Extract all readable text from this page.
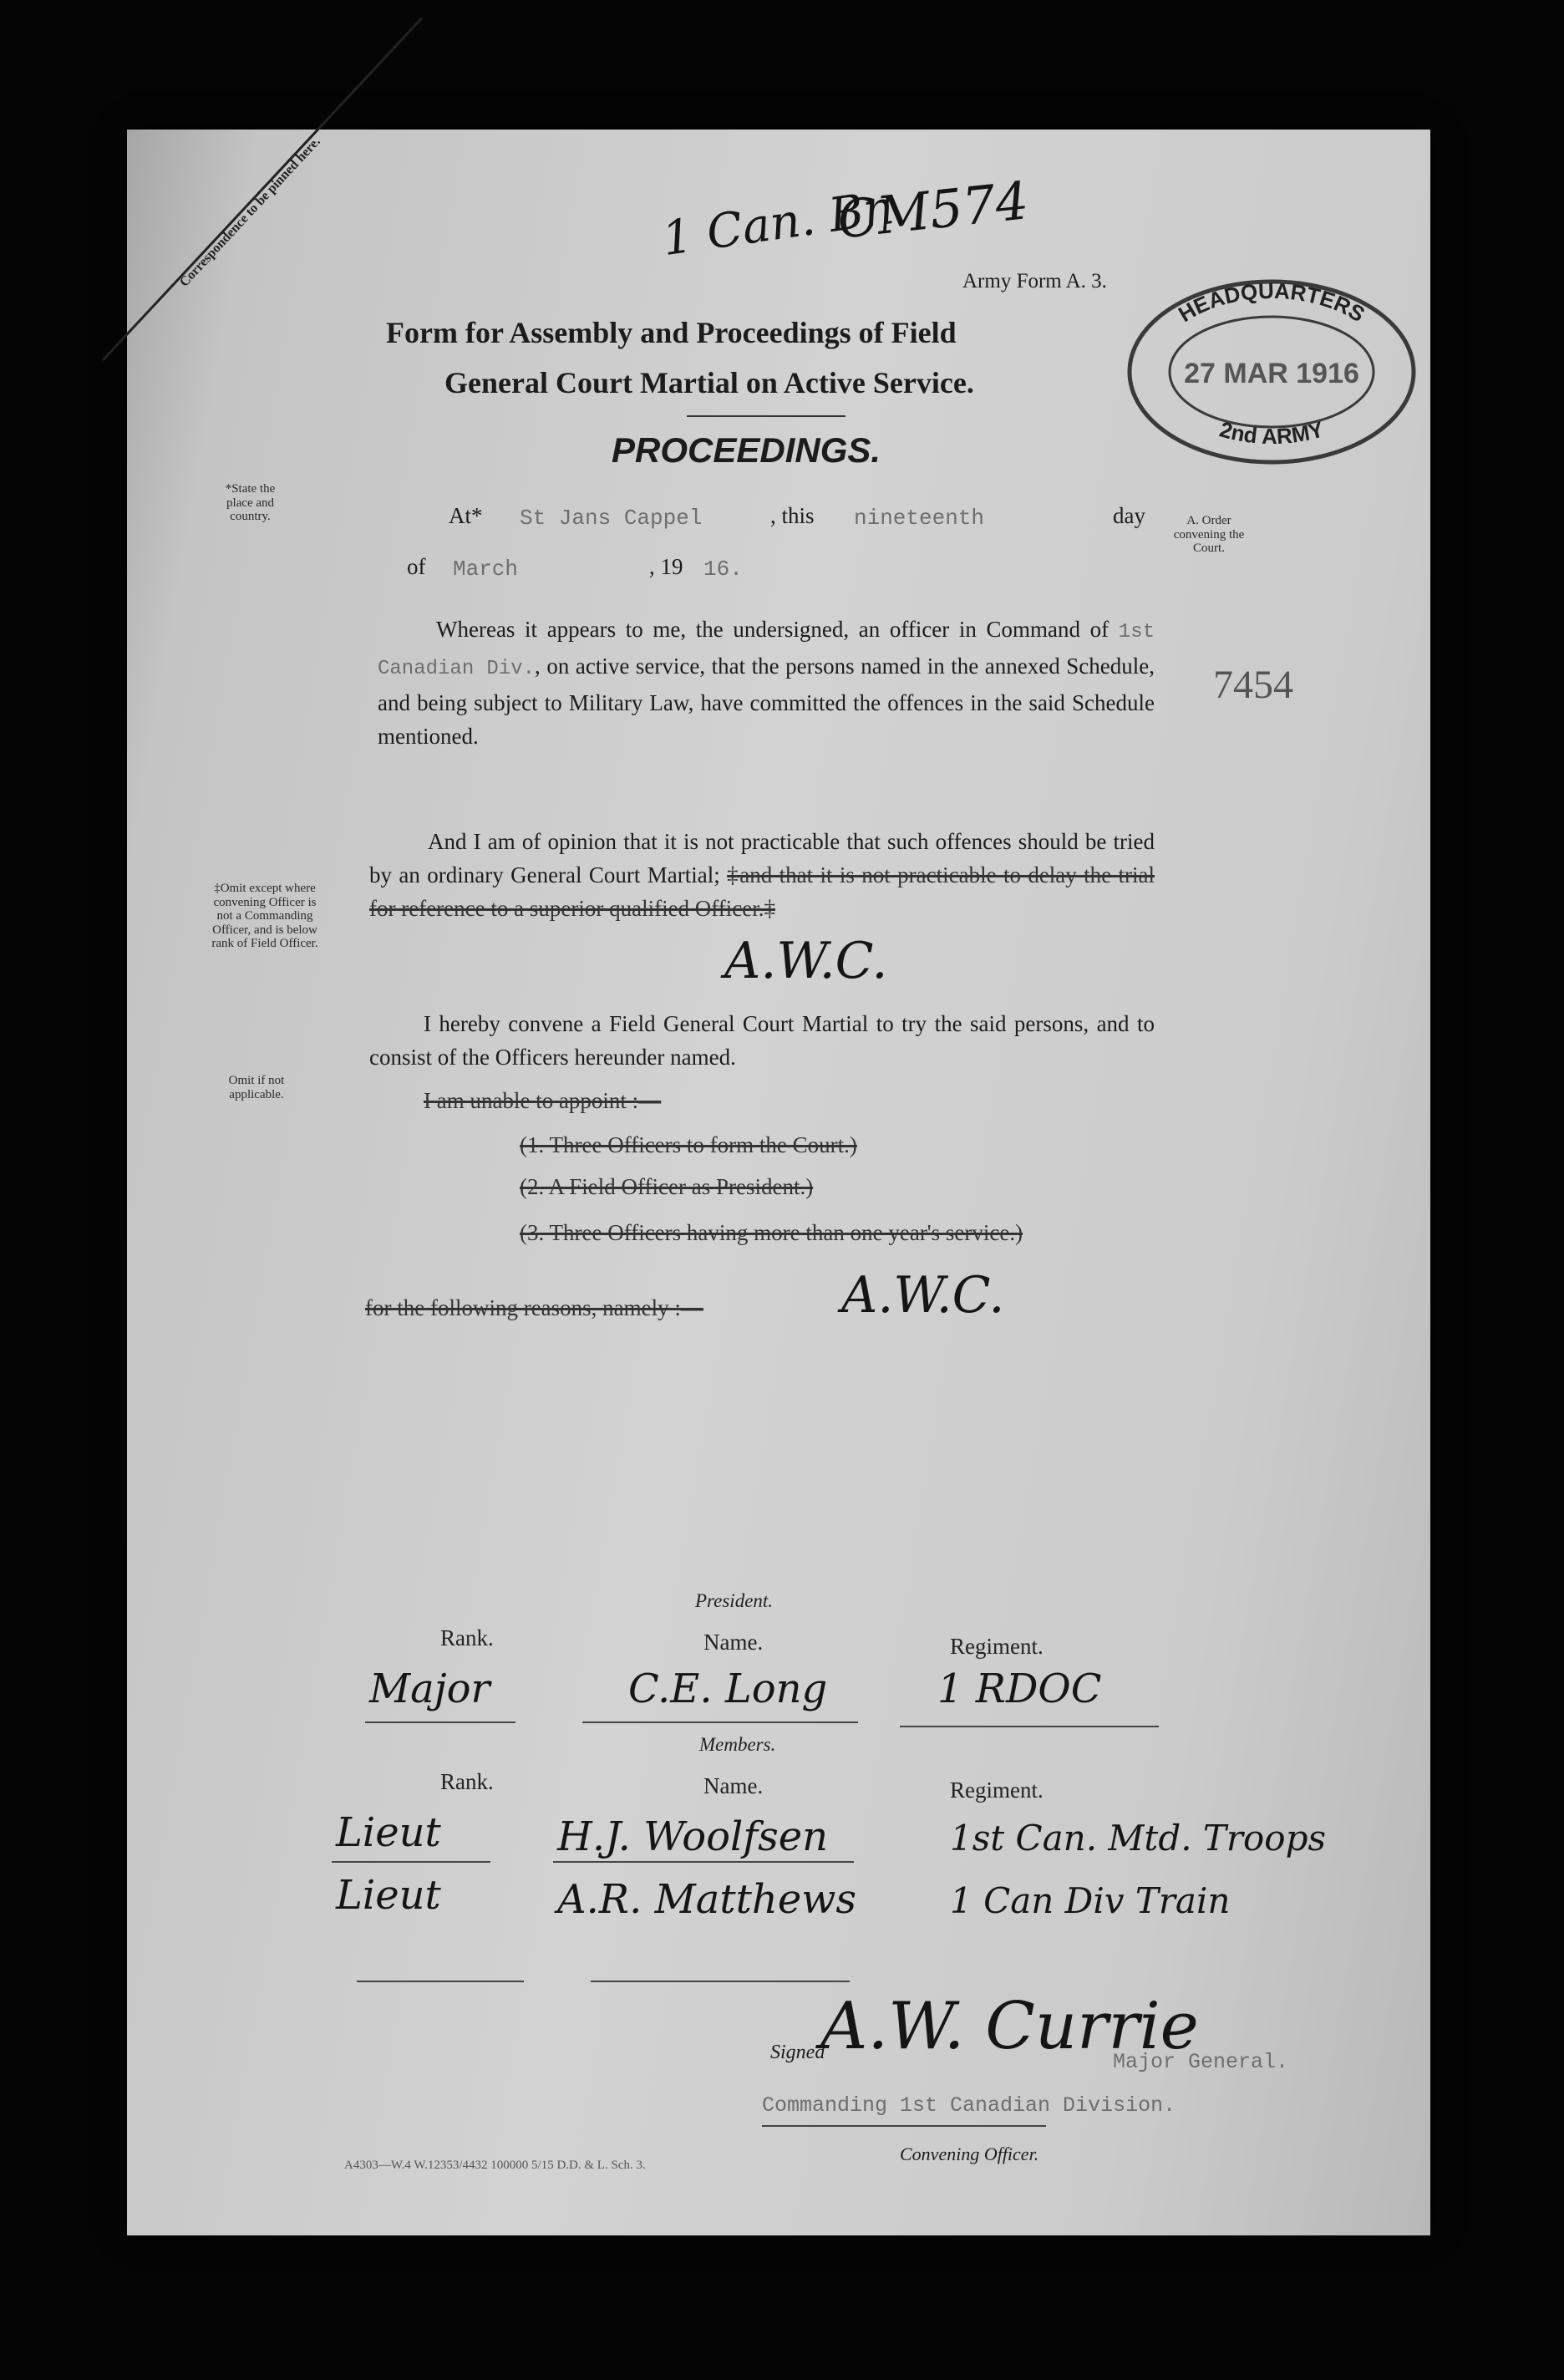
Correspondence to be pinned here.	1 Can. Bn
CM574
Army Form A. 3.
Form for Assembly and Proceedings of Field
General Court Martial on Active Service.
PROCEEDINGS.
HEADQUARTERS
2nd ARMY
27 MAR 1916
*State the place and country.	A. Order convening the Court.
‡Omit except where convening Officer is not a Commanding Officer, and is below rank of Field Officer.
Omit if not applicable.
7454
At* St Jans Cappel	, this nineteenth	day
of March	, 19 16.

Whereas it appears to me, the undersigned, an officer in Command of 1st Canadian Div., on active service, that the persons named in the annexed Schedule, and being subject to Military Law, have committed the offences in the said Schedule mentioned.

And I am of opinion that it is not practicable that such offences should be tried by an ordinary General Court Martial; ‡and that it is not practicable to delay the trial for reference to a superior qualified Officer.‡

A.W.C.

I hereby convene a Field General Court Martial to try the said persons, and to consist of the Officers hereunder named.

I am unable to appoint :—
(1. Three Officers to form the Court.)
(2. A Field Officer as President.)
(3. Three Officers having more than one year's service.)
for the following reasons, namely :—	A.W.C.
President.
Rank.	Name.	Regiment.
Major	C.E. Long	1 RDOC
Members.
Rank.	Name.	Regiment.
Lieut	H.J. Woolfsen	1st Can. Mtd. Troops
Lieut	A.R. Matthews	1 Can Div Train
Signed
A.W. Currie
Major General.
Commanding 1st Canadian Division.
Convening Officer.
A4303—W.4 W.12353/4432 100000 5/15 D.D. & L. Sch. 3.
